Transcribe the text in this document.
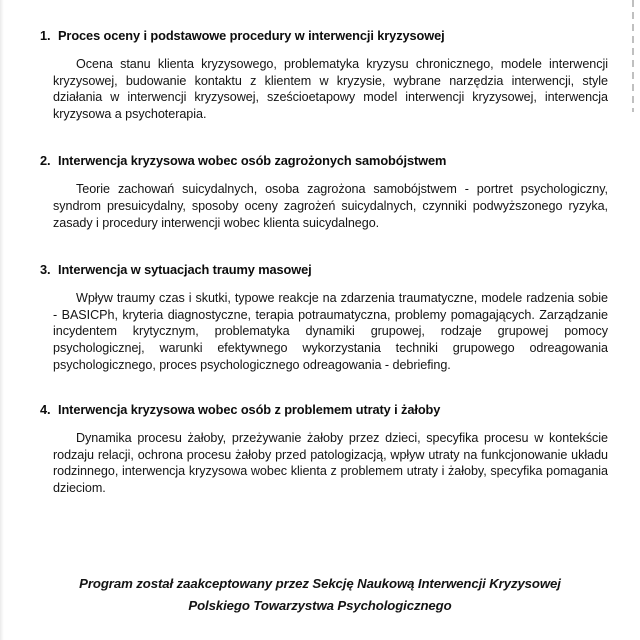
1. Proces oceny i podstawowe procedury w interwencji kryzysowej

Ocena stanu klienta kryzysowego, problematyka kryzysu chronicznego, modele interwencji kryzysowej, budowanie kontaktu z klientem w kryzysie, wybrane narzędzia interwencji, style działania w interwencji kryzysowej, sześcioetapowy model interwencji kryzysowej, interwencja kryzysowa a psychoterapia.

2. Interwencja kryzysowa wobec osób zagrożonych samobójstwem

Teorie zachowań suicydalnych, osoba zagrożona samobójstwem - portret psychologiczny, syndrom presuicydalny, sposoby oceny zagrożeń suicydalnych, czynniki podwyższonego ryzyka, zasady i procedury interwencji wobec klienta suicydalnego.

3. Interwencja w sytuacjach traumy masowej

Wpływ traumy czas i skutki, typowe reakcje na zdarzenia traumatyczne, modele radzenia sobie - BASICPh, kryteria diagnostyczne, terapia potraumatyczna, problemy pomagających. Zarządzanie incydentem krytycznym, problematyka dynamiki grupowej, rodzaje grupowej pomocy psychologicznej, warunki efektywnego wykorzystania techniki grupowego odreagowania psychologicznego, proces psychologicznego odreagowania - debriefing.

4. Interwencja kryzysowa wobec osób z problemem utraty i żałoby

Dynamika procesu żałoby, przeżywanie żałoby przez dzieci, specyfika procesu w kontekście rodzaju relacji, ochrona procesu żałoby przed patologizacją, wpływ utraty na funkcjonowanie układu rodzinnego, interwencja kryzysowa wobec klienta z problemem utraty i żałoby, specyfika pomagania dzieciom.

Program został zaakceptowany przez Sekcję Naukową Interwencji Kryzysowej
Polskiego Towarzystwa Psychologicznego
